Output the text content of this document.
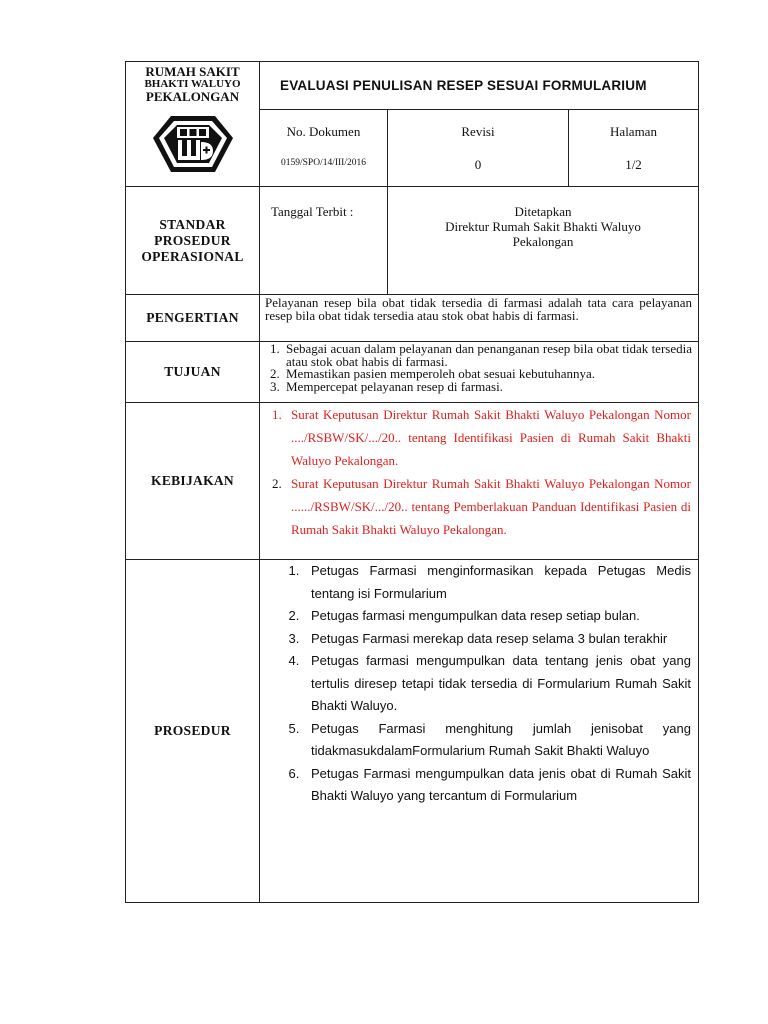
RUMAH SAKIT
BHAKTI WALUYO
PEKALONGAN
EVALUASI PENULISAN RESEP SESUAI FORMULARIUM
No. Dokumen
0159/SPO/14/III/2016
Revisi
0
Halaman
1/2
STANDAR
PROSEDUR
OPERASIONAL
Tanggal Terbit :	Ditetapkan
Direktur Rumah Sakit Bhakti Waluyo
Pekalongan
PENGERTIAN
Pelayanan resep bila obat tidak tersedia di farmasi adalah tata cara pelayanan resep bila obat tidak tersedia atau stok obat habis di farmasi.
TUJUAN
1. Sebagai acuan dalam pelayanan dan penanganan resep bila obat tidak tersedia atau stok obat habis di farmasi.
2. Memastikan pasien memperoleh obat sesuai kebutuhannya.
3. Mempercepat pelayanan resep di farmasi.
KEBIJAKAN
1. Surat Keputusan Direktur Rumah Sakit Bhakti Waluyo Pekalongan Nomor ..../RSBW/SK/.../20.. tentang Identifikasi Pasien di Rumah Sakit Bhakti Waluyo Pekalongan.
2. Surat Keputusan Direktur Rumah Sakit Bhakti Waluyo Pekalongan Nomor ....../RSBW/SK/.../20.. tentang Pemberlakuan Panduan Identifikasi Pasien di Rumah Sakit Bhakti Waluyo Pekalongan.
PROSEDUR
1. Petugas Farmasi menginformasikan kepada Petugas Medis tentang isi Formularium
2. Petugas farmasi mengumpulkan data resep setiap bulan.
3. Petugas Farmasi merekap data resep selama 3 bulan terakhir
4. Petugas farmasi mengumpulkan data tentang jenis obat yang tertulis diresep tetapi tidak tersedia di Formularium Rumah Sakit Bhakti Waluyo.
5. Petugas Farmasi menghitung jumlah jenisobat yang tidakmasukdalamFormularium Rumah Sakit Bhakti Waluyo
6. Petugas Farmasi mengumpulkan data jenis obat di Rumah Sakit Bhakti Waluyo yang tercantum di Formularium
